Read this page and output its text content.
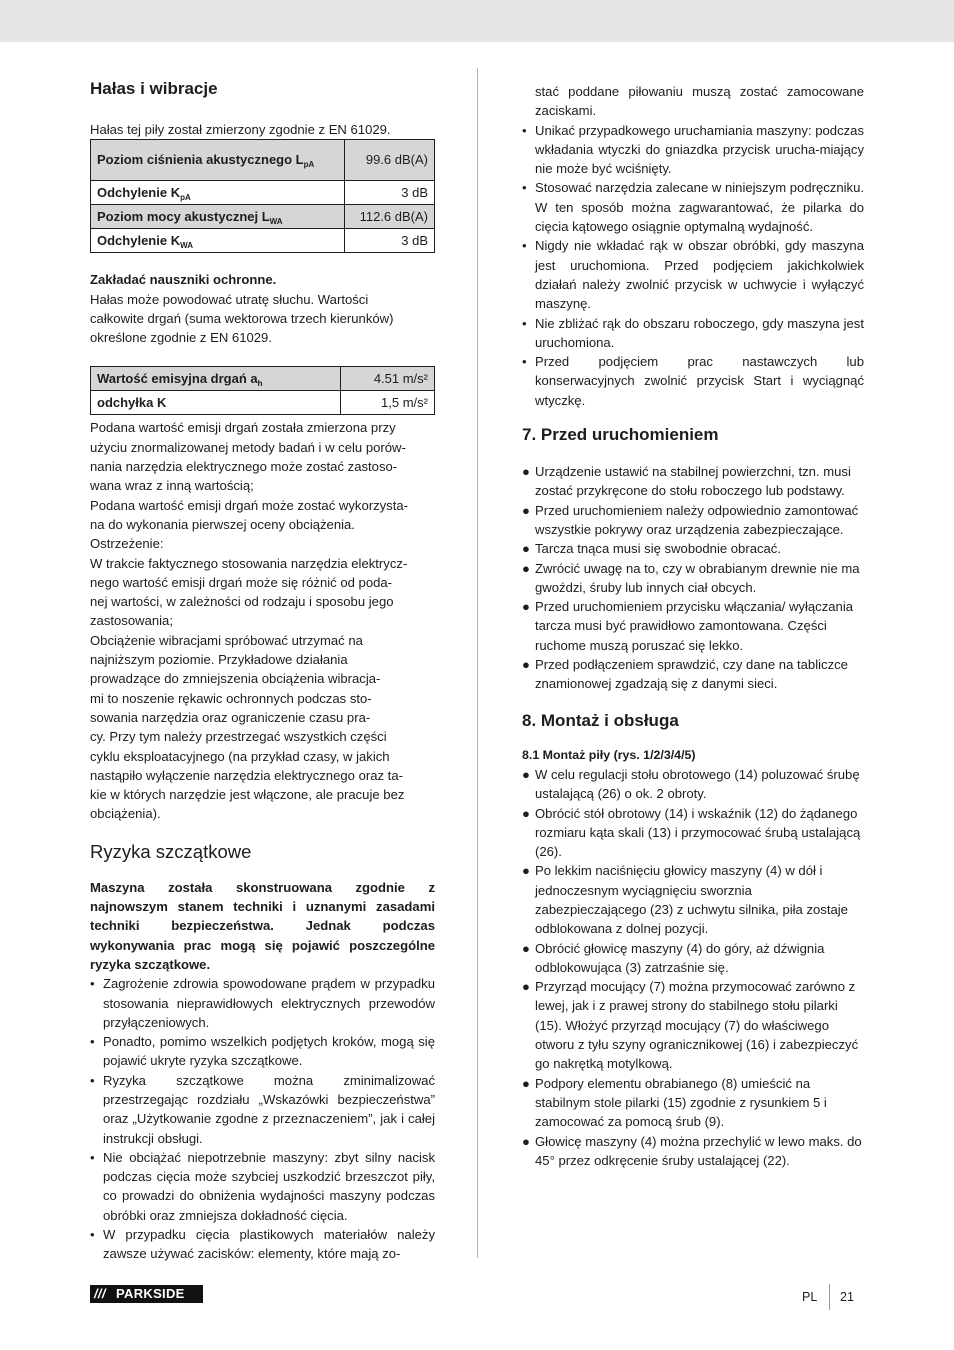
Hałas i wibracje

Hałas tej piły został zmierzony zgodnie z EN 61029.

Poziom ciśnienia akustycznego $L_{pA}$	99.6 dB(A)
Odchylenie $K_{pA}$	3 dB
Poziom mocy akustycznej $L_{WA}$	112.6 dB(A)
Odchylenie $K_{WA}$	3 dB

Zakładać nauszniki ochronne.

Hałas może powodować utratę słuchu. Wartości

całkowite drgań (suma wektorowa trzech kierunków)

określone zgodnie z EN 61029.

Wartość emisyjna drgań $a_h$	4.51 m/s²
odchyłka K	1,5 m/s²

Podana wartość emisji drgań została zmierzona przy

użyciu znormalizowanej metody badań i w celu porów-

nania narzędzia elektrycznego może zostać zastoso-

wana wraz z inną wartością;

Podana wartość emisji drgań może zostać wykorzysta-

na do wykonania pierwszej oceny obciążenia.

Ostrzeżenie:

W trakcie faktycznego stosowania narzędzia elektrycz-

nego wartość emisji drgań może się różnić od poda-

nej wartości, w zależności od rodzaju i sposobu jego

zastosowania;

Obciążenie wibracjami spróbować utrzymać na

najniższym poziomie. Przykładowe działania

prowadzące do zmniejszenia obciążenia wibracja-

mi to noszenie rękawic ochronnych podczas sto-

sowania narzędzia oraz ograniczenie czasu pra-

cy. Przy tym należy przestrzegać wszystkich części

cyklu eksploatacyjnego (na przykład czasy, w jakich

nastąpiło wyłączenie narzędzia elektrycznego oraz ta-

kie w których narzędzie jest włączone, ale pracuje bez

obciążenia).

Ryzyka szczątkowe

Maszyna została skonstruowana zgodnie z najnowszym stanem techniki i uznanymi zasadami techniki bezpieczeństwa. Jednak podczas wykonywania prac mogą się pojawić poszczególne ryzyka szczątkowe.

• Zagrożenie zdrowia spowodowane prądem w przypadku stosowania nieprawidłowych elektrycznych przewodów przyłączeniowych.
• Ponadto, pomimo wszelkich podjętych kroków, mogą się pojawić ukryte ryzyka szczątkowe.
• Ryzyka szczątkowe można zminimalizować przestrzegając rozdziału „Wskazówki bezpieczeństwa” oraz „Użytkowanie zgodne z przeznaczeniem”, jak i całej instrukcji obsługi.
• Nie obciążać niepotrzebnie maszyny: zbyt silny nacisk podczas cięcia może szybciej uszkodzić brzeszczot piły, co prowadzi do obniżenia wydajności maszyny podczas obróbki oraz zmniejsza dokładność cięcia.
• W przypadku cięcia plastikowych materiałów należy zawsze używać zacisków: elementy, które mają zo-

stać poddane piłowaniu muszą zostać zamocowane zaciskami.

• Unikać przypadkowego uruchamiania maszyny: podczas wkładania wtyczki do gniazdka przycisk urucha-miający nie może być wciśnięty.
• Stosować narzędzia zalecane w niniejszym podręczniku. W ten sposób można zagwarantować, że pilarka do cięcia kątowego osiągnie optymalną wydajność.
• Nigdy nie wkładać rąk w obszar obróbki, gdy maszyna jest uruchomiona. Przed podjęciem jakichkolwiek działań należy zwolnić przycisk w uchwycie i wyłączyć maszynę.
• Nie zbliżać rąk do obszaru roboczego, gdy maszyna jest uruchomiona.
• Przed podjęciem prac nastawczych lub konserwacyjnych zwolnić przycisk Start i wyciągnąć wtyczkę.
7. Przed uruchomieniem
● Urządzenie ustawić na stabilnej powierzchni, tzn. musi zostać przykręcone do stołu roboczego lub podstawy.
● Przed uruchomieniem należy odpowiednio zamontować wszystkie pokrywy oraz urządzenia zabezpieczające.
● Tarcza tnąca musi się swobodnie obracać.
● Zwrócić uwagę na to, czy w obrabianym drewnie nie ma gwoździ, śruby lub innych ciał obcych.
● Przed uruchomieniem przycisku włączania/ wyłączania tarcza musi być prawidłowo zamontowana. Części ruchome muszą poruszać się lekko.
● Przed podłączeniem sprawdzić, czy dane na tabliczce znamionowej zgadzają się z danymi sieci.
8. Montaż i obsługa

8.1 Montaż piły (rys. 1/2/3/4/5)

● W celu regulacji stołu obrotowego (14) poluzować śrubę ustalającą (26) o ok. 2 obroty.
● Obrócić stół obrotowy (14) i wskaźnik (12) do żądanego rozmiaru kąta skali (13) i przymocować śrubą ustalającą (26).
● Po lekkim naciśnięciu głowicy maszyny (4) w dół i jednoczesnym wyciągnięciu sworznia zabezpieczającego (23) z uchwytu silnika, piła zostaje odblokowana z dolnej pozycji.
● Obrócić głowicę maszyny (4) do góry, aż dźwignia odblokowująca (3) zatrzaśnie się.
● Przyrząd mocujący (7) można przymocować zarówno z lewej, jak i z prawej strony do stabilnego stołu pilarki (15). Włożyć przyrząd mocujący (7) do właściwego otworu z tyłu szyny ogranicznikowej (16) i zabezpieczyć go nakrętką motylkową.
● Podpory elementu obrabianego (8) umieścić na stabilnym stole pilarki (15) zgodnie z rysunkiem 5 i zamocować za pomocą śrub (9).
● Głowicę maszyny (4) można przechylić w lewo maks. do 45° przez odkręcenie śruby ustalającej (22).
/// PARKSIDE	PL 21
